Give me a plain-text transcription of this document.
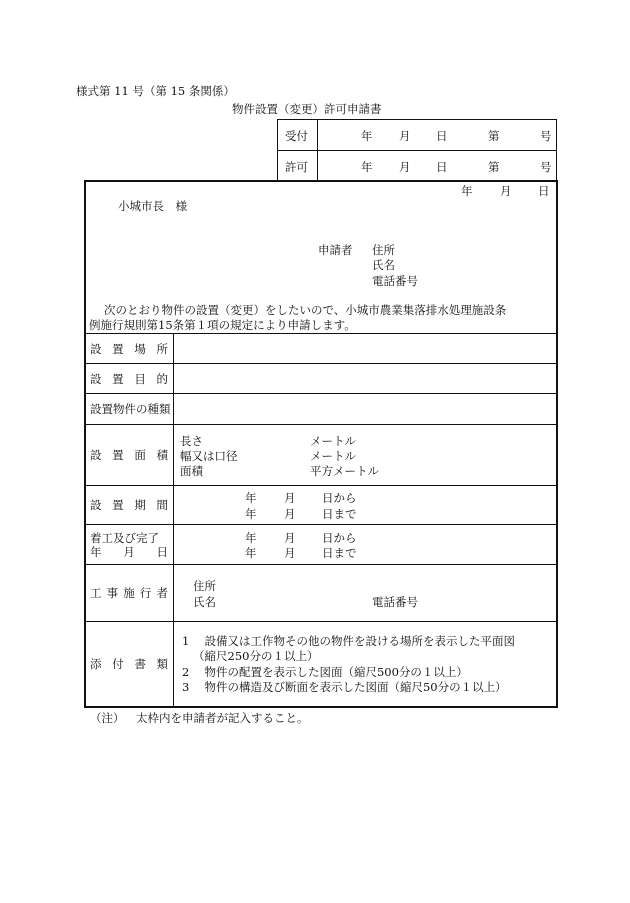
様式第 11 号（第 15 条関係）
物件設置（変更）許可申請書
受付	年 月 日	第	号
許可	年 月 日	第	号
年 月 日
小城市長　様
申請者 住所
氏名
電話番号
次のとおり物件の設置（変更）をしたいので、小城市農業集落排水処理施設条
例施行規則第15条第１項の規定により申請します。
設 置 場 所
設 置 目 的
設置物件の種類
設 置 面 積
長さ	メートル
幅又は口径	メートル
面積	平方メートル
設 置 期 間	年 月 日から
年 月 日まで
着工及び完了
年 月 日
年 月 日から
年 月 日まで
工 事 施 行 者 住所
氏名	電話番号
添 付 書 類
1　 設備又は工作物その他の物件を設ける場所を表示した平面図
（縮尺250分の１以上）
2　 物件の配置を表示した図面（縮尺500分の１以上）
3　 物件の構造及び断面を表示した図面（縮尺50分の１以上）
（注） 太枠内を申請者が記入すること。
